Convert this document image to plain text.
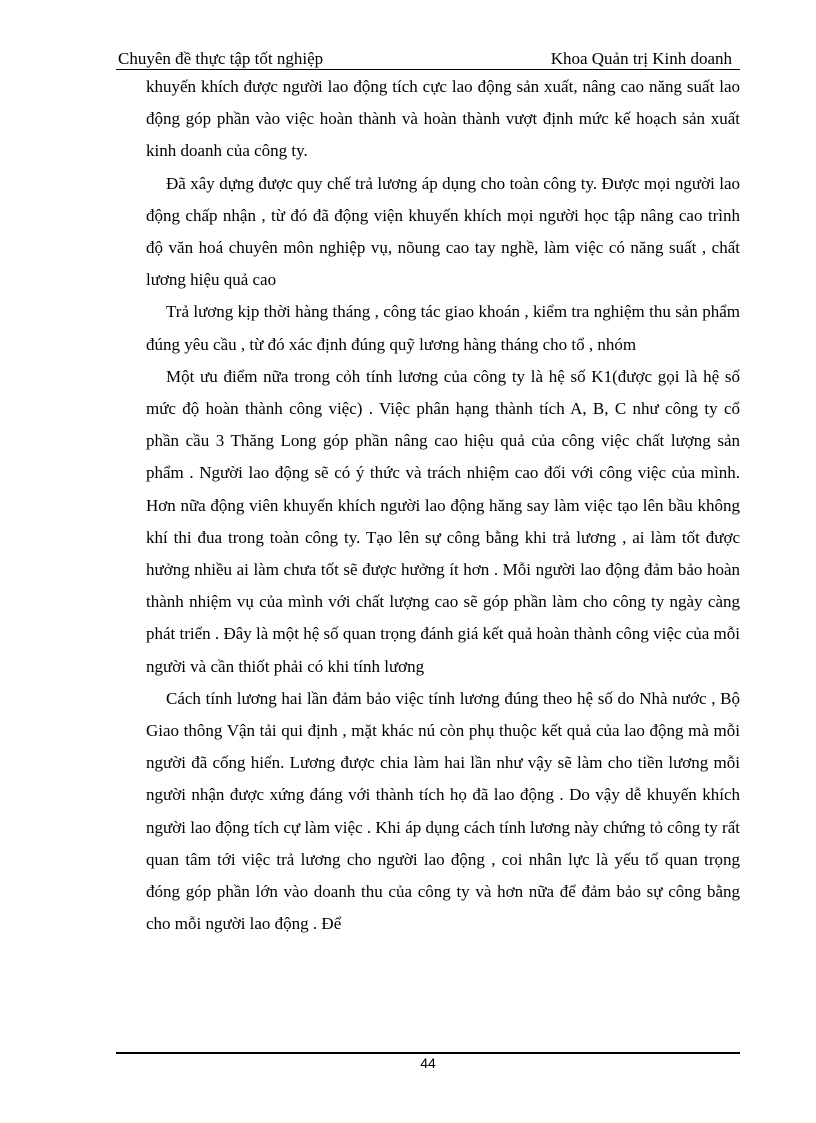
Chuyên đề thực tập tốt nghiệp	Khoa Quản trị Kinh doanh

khuyến khích được người lao động tích cực lao động sản xuất, nâng cao năng suất lao động góp phần vào việc hoàn thành và hoàn thành vượt định mức kế hoạch sản xuất kinh doanh của công ty.

Đã xây dựng được quy chế trả lương áp dụng cho toàn công ty. Được mọi người lao động chấp nhận , từ đó đã động viện khuyến khích mọi người học tập nâng cao trình độ văn hoá chuyên môn nghiệp vụ, nõung cao tay nghề, làm việc có năng suất , chất lương hiệu quả cao

Trả lương kịp thời hàng tháng , công tác giao khoán , kiểm tra nghiệm thu sản phẩm đúng yêu cầu , từ đó xác định đúng quỹ lương hàng tháng cho tổ , nhóm

Một ưu điểm nữa trong cỏh tính lương của công ty là hệ số K1(được gọi là hệ số mức độ hoàn thành công việc) . Việc phân hạng thành tích A, B, C như công ty cổ phần cầu 3 Thăng Long góp phần nâng cao hiệu quả của công việc chất lượng sản phẩm . Người lao động sẽ có ý thức và trách nhiệm cao đối với công việc của mình. Hơn nữa động viên khuyến khích người lao động hăng say làm việc tạo lên bầu không khí thi đua trong toàn công ty. Tạo lên sự công bằng khi trả lương , ai làm tốt được hưởng nhiều ai làm chưa tốt sẽ được hưởng ít hơn . Mỗi người lao động đảm bảo hoàn thành nhiệm vụ của mình với chất lượng cao sẽ góp phần làm cho công ty ngày càng phát triển . Đây là một hệ số quan trọng đánh giá kết quả hoàn thành công việc của mỗi người và cần thiốt phải có khi tính lương

Cách tính lương hai lần đảm bảo việc tính lương đúng theo hệ số do Nhà nước , Bộ Giao thông Vận tải qui định , mặt khác nú còn phụ thuộc kết quả của lao động mà mỗi người đã cống hiến. Lương được chia làm hai lần như vậy sẽ làm cho tiền lương mỗi người nhận được xứng đáng với thành tích họ đã lao động . Do vậy dễ khuyến khích người lao động tích cự làm việc . Khi áp dụng cách tính lương này chứng tỏ công ty rất quan tâm tới việc trả lương cho người lao động , coi nhân lực là yếu tố quan trọng đóng góp phần lớn vào doanh thu của công ty và hơn nữa để đảm bảo sự công bằng cho mỗi người lao động . Để

44
